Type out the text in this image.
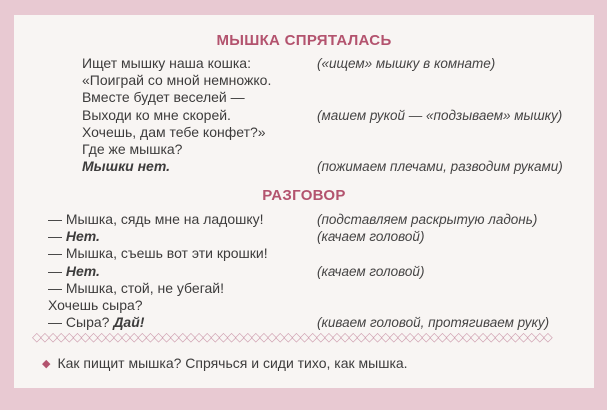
МЫШКА СПРЯТАЛАСЬ
Ищет мышку наша кошка:	(«ищем» мышку в комнате)
«Поиграй со мной немножко.
Вместе будет веселей —
Выходи ко мне скорей.	(машем рукой — «подзываем» мышку)
Хочешь, дам тебе конфет?»
Где же мышка?
Мышки нет.	(пожимаем плечами, разводим руками)
РАЗГОВОР
— Мышка, сядь мне на ладошку!	(подставляем раскрытую ладонь)
— Нет.	(качаем головой)
— Мышка, съешь вот эти крошки!
— Нет.	(качаем головой)
— Мышка, стой, не убегай!
Хочешь сыра?
— Сыра? Дай!	(киваем головой, протягиваем руку)
◇◇◇◇◇◇◇◇◇◇◇◇◇◇◇◇◇◇◇◇◇◇◇◇◇◇◇◇◇◇◇◇◇◇◇◇◇◇◇◇◇◇◇◇◇◇◇◇◇◇◇◇◇◇◇◇◇◇◇◇◇◇◇◇
◆ Как пищит мышка? Спрячься и сиди тихо, как мышка.
